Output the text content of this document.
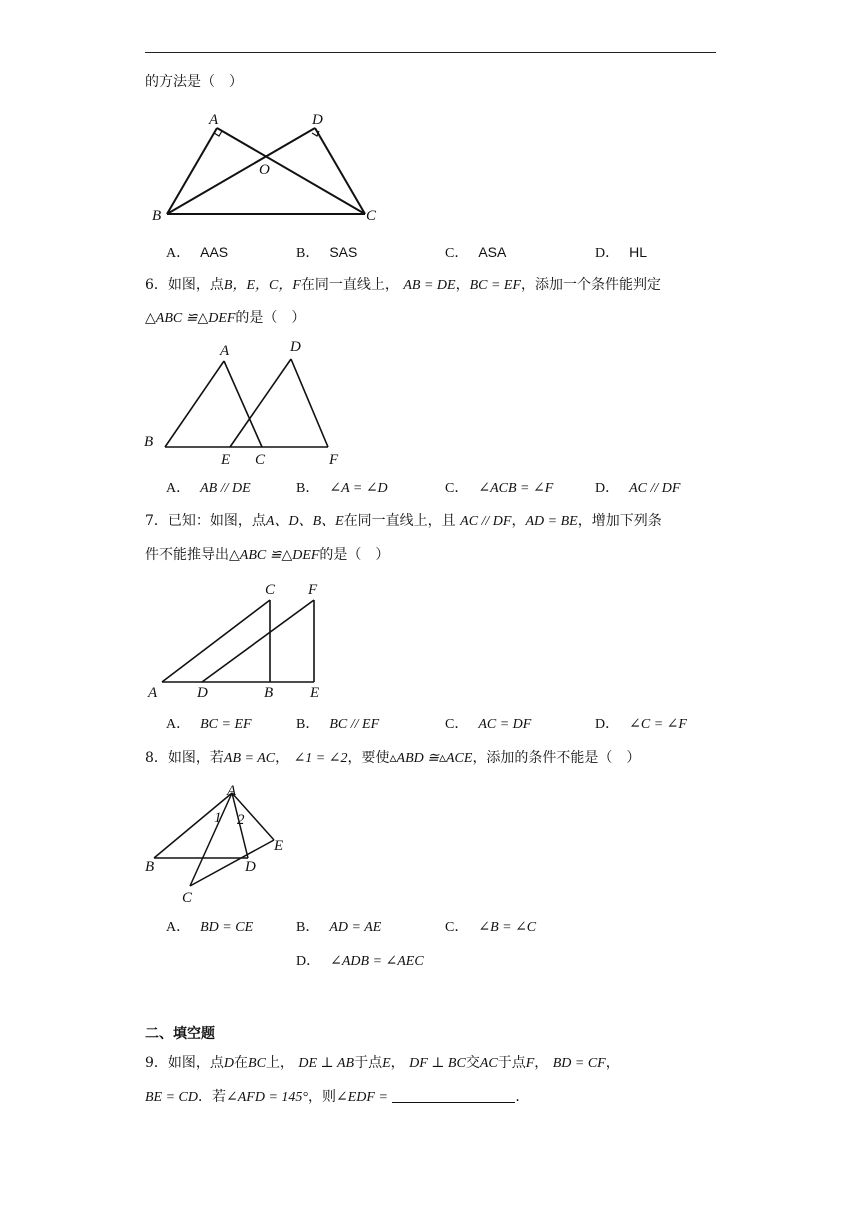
的方法是（　）
A	D
O
B	C
A． AAS	B． SAS	C． ASA	D． HL
6．如图，点B，E，C，F在同一直线上， AB = DE，BC = EF，添加一个条件能判定
△ABC ≌△DEF的是（　）
A	D
B
E C	F
A． AB // DE	B． ∠A = ∠D	C． ∠ACB = ∠F	D． AC // DF
7．已知：如图，点A、D、B、E在同一直线上，且 AC // DF，AD = BE，增加下列条
件不能推导出△ABC ≌△DEF的是（　）
C F
A	D	B E
A． BC = EF	B． BC // EF	C． AC = DF	D． ∠C = ∠F
8．如图，若AB = AC， ∠1 = ∠2，要使▵ABD ≅▵ACE，添加的条件不能是（　）
A
1 2
E
B	D
C
A． BD = CE	B． AD = AE	C． ∠B = ∠C
D． ∠ADB = ∠AEC
二、填空题
9．如图，点D在BC上， DE ⊥ AB于点E， DF ⊥ BC交AC于点F， BD = CF，
BE = CD．若∠AFD = 145°，则∠EDF =	．
